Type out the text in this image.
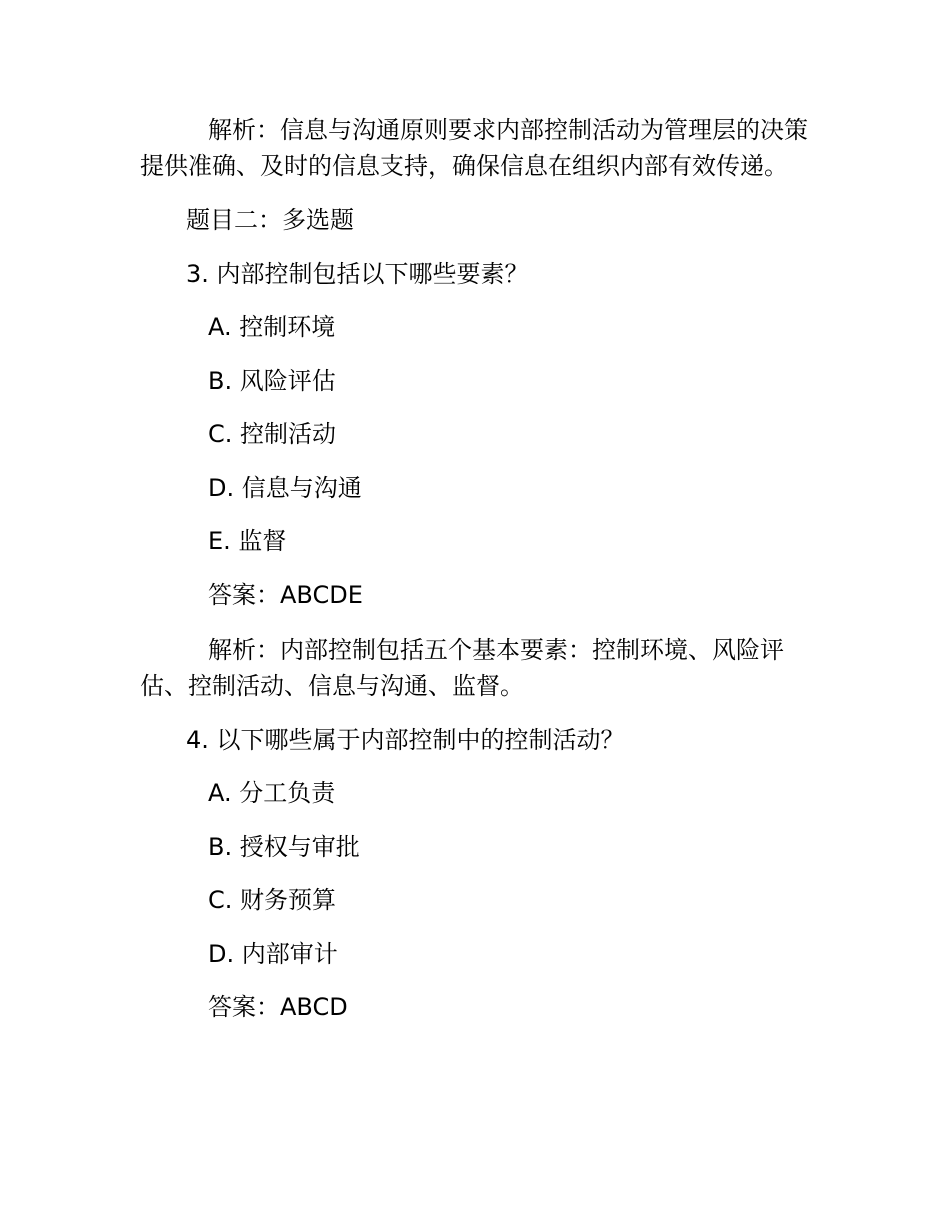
解析：信息与沟通原则要求内部控制活动为管理层的决策提供准确、及时的信息支持，确保信息在组织内部有效传递。
题目二：多选题
3. 内部控制包括以下哪些要素？
A. 控制环境
B. 风险评估
C. 控制活动
D. 信息与沟通
E. 监督
答案：ABCDE
解析：内部控制包括五个基本要素：控制环境、风险评估、控制活动、信息与沟通、监督。
4. 以下哪些属于内部控制中的控制活动？
A. 分工负责
B. 授权与审批
C. 财务预算
D. 内部审计
答案：ABCD
